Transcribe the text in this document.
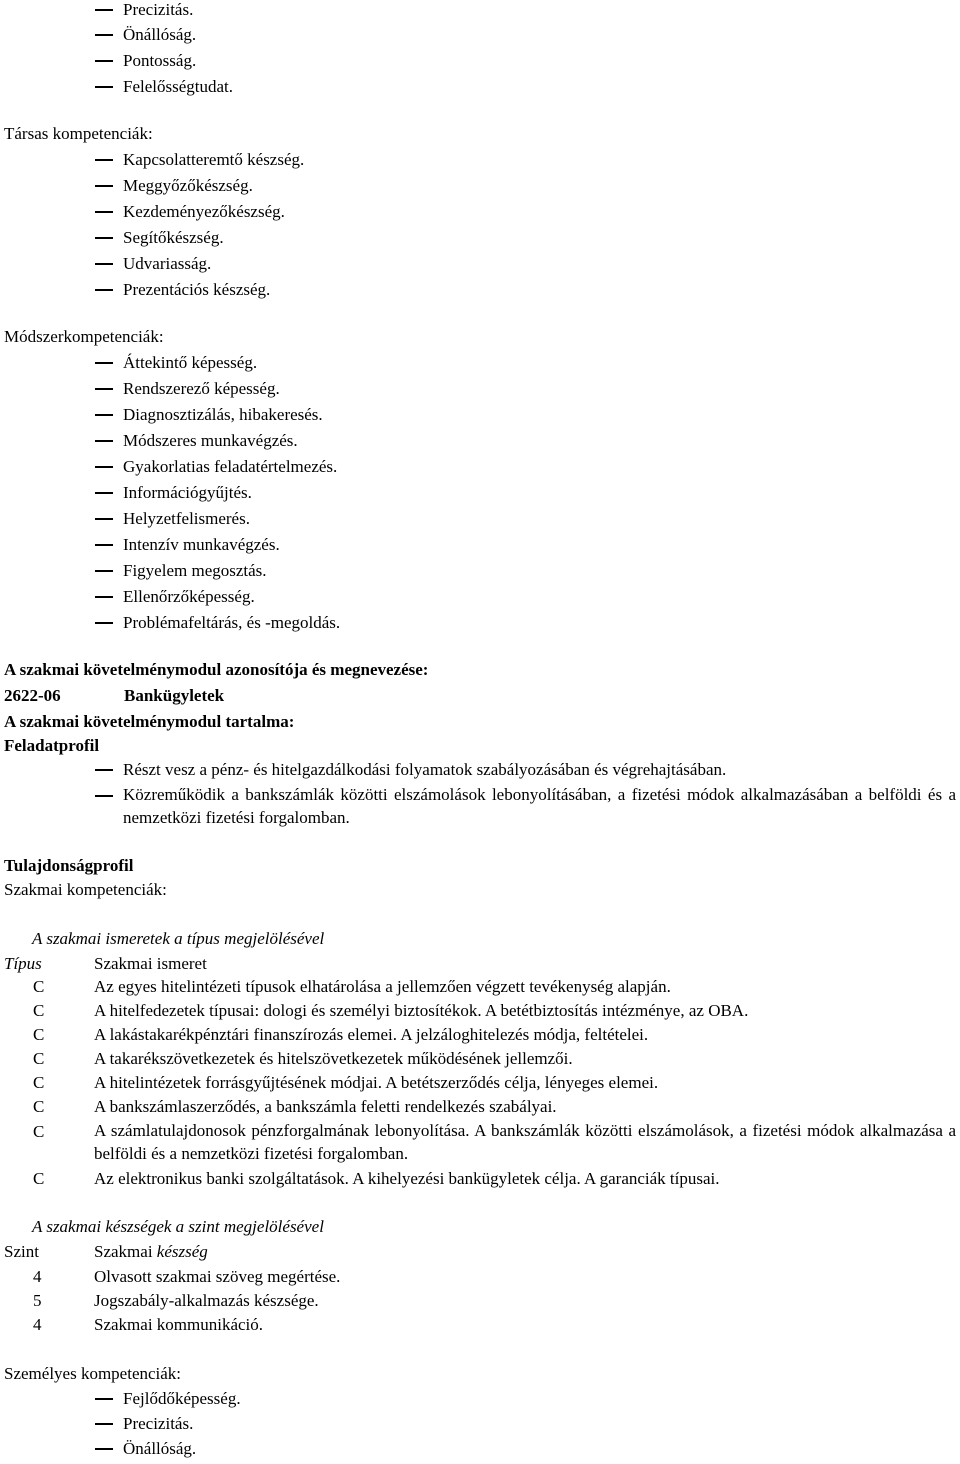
Precizitás.
Önállóság.
Pontosság.
Felelősségtudat.
Társas kompetenciák:
Kapcsolatteremtő készség.
Meggyőzőkészség.
Kezdeményezőkészség.
Segítőkészség.
Udvariasság.
Prezentációs készség.
Módszerkompetenciák:
Áttekintő képesség.
Rendszerező képesség.
Diagnosztizálás, hibakeresés.
Módszeres munkavégzés.
Gyakorlatias feladatértelmezés.
Információgyűjtés.
Helyzetfelismerés.
Intenzív munkavégzés.
Figyelem megosztás.
Ellenőrzőképesség.
Problémafeltárás, és -megoldás.
A szakmai követelménymodul azonosítója és megnevezése:
2622-06	Bankügyletek
A szakmai követelménymodul tartalma:
Feladatprofil
Részt vesz a pénz- és hitelgazdálkodási folyamatok szabályozásában és végrehajtásában.
Közreműködik a bankszámlák közötti elszámolások lebonyolításában, a fizetési módok alkalmazásában a belföldi és a nemzetközi fizetési forgalomban.
Tulajdonságprofil
Szakmai kompetenciák:
A szakmai ismeretek a típus megjelölésével
Típus	Szakmai ismeret
C	Az egyes hitelintézeti típusok elhatárolása a jellemzően végzett tevékenység alapján.
C	A hitelfedezetek típusai: dologi és személyi biztosítékok. A betétbiztosítás intézménye, az OBA.
C	A lakástakarékpénztári finanszírozás elemei. A jelzáloghitelezés módja, feltételei.
C	A takarékszövetkezetek és hitelszövetkezetek működésének jellemzői.
C	A hitelintézetek forrásgyűjtésének módjai. A betétszerződés célja, lényeges elemei.
C	A bankszámlaszerződés, a bankszámla feletti rendelkezés szabályai.
C	A számlatulajdonosok pénzforgalmának lebonyolítása. A bankszámlák közötti elszámolások, a fizetési módok alkalmazása a belföldi és a nemzetközi fizetési forgalomban.
C	Az elektronikus banki szolgáltatások. A kihelyezési bankügyletek célja. A garanciák típusai.
A szakmai készségek a szint megjelölésével
Szint	Szakmai készség
4	Olvasott szakmai szöveg megértése.
5	Jogszabály-alkalmazás készsége.
4	Szakmai kommunikáció.
Személyes kompetenciák:
Fejlődőképesség.
Precizitás.
Önállóság.
